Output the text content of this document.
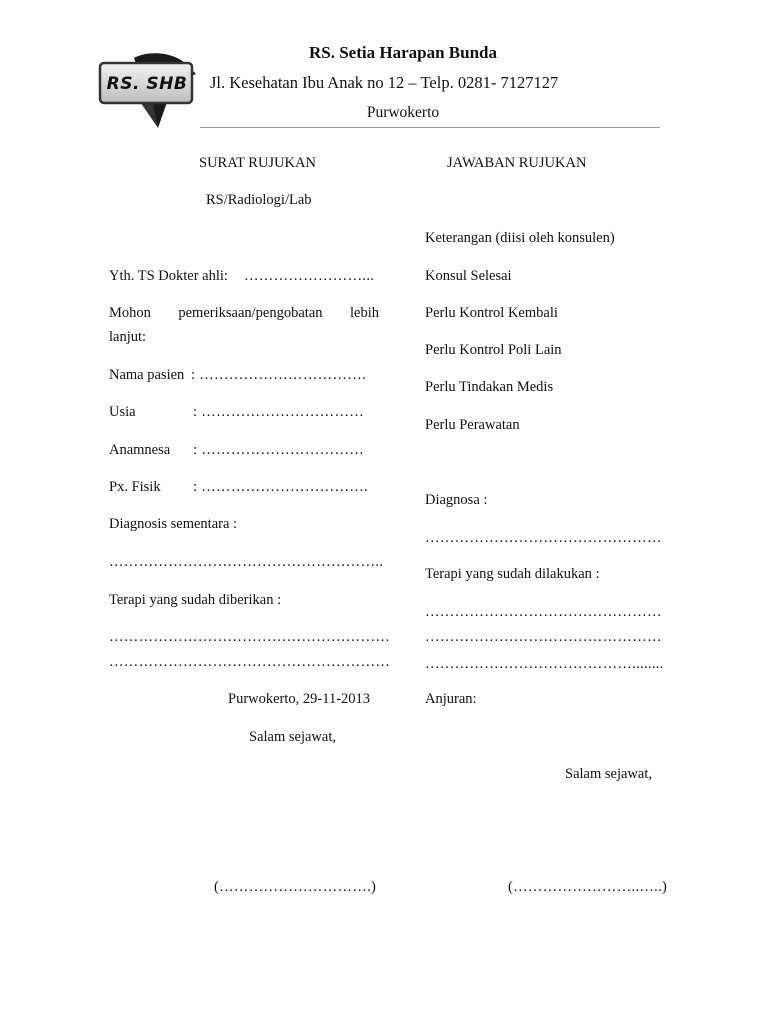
RS. SHB
RS. Setia Harapan Bunda
Jl. Kesehatan Ibu Anak no 12 – Telp. 0281- 7127127
Purwokerto
SURAT RUJUKAN
RS/Radiologi/Lab
Yth. TS Dokter ahli: ……………………...
Mohon pemeriksaan/pengobatan lebih
lanjut:
Nama pasien : …………………………….
Usia	: ……………………………
Anamnesa : ……………………………
Px. Fisik : …………………………….
Diagnosis sementara :
………………………………………………..
Terapi yang sudah diberikan :
…………………………………………………
…………………………………………………
Purwokerto, 29-11-2013
Salam sejawat,
(………………………….)
JAWABAN RUJUKAN
Keterangan (diisi oleh konsulen)
Konsul Selesai
Perlu Kontrol Kembali
Perlu Kontrol Poli Lain
Perlu Tindakan Medis
Perlu Perawatan
Diagnosa :
…………………………………………
Terapi yang sudah dilakukan :
…………………………………………
…………………………………………
……………………………………........
Anjuran:
Salam sejawat,
(……………………..…..)
